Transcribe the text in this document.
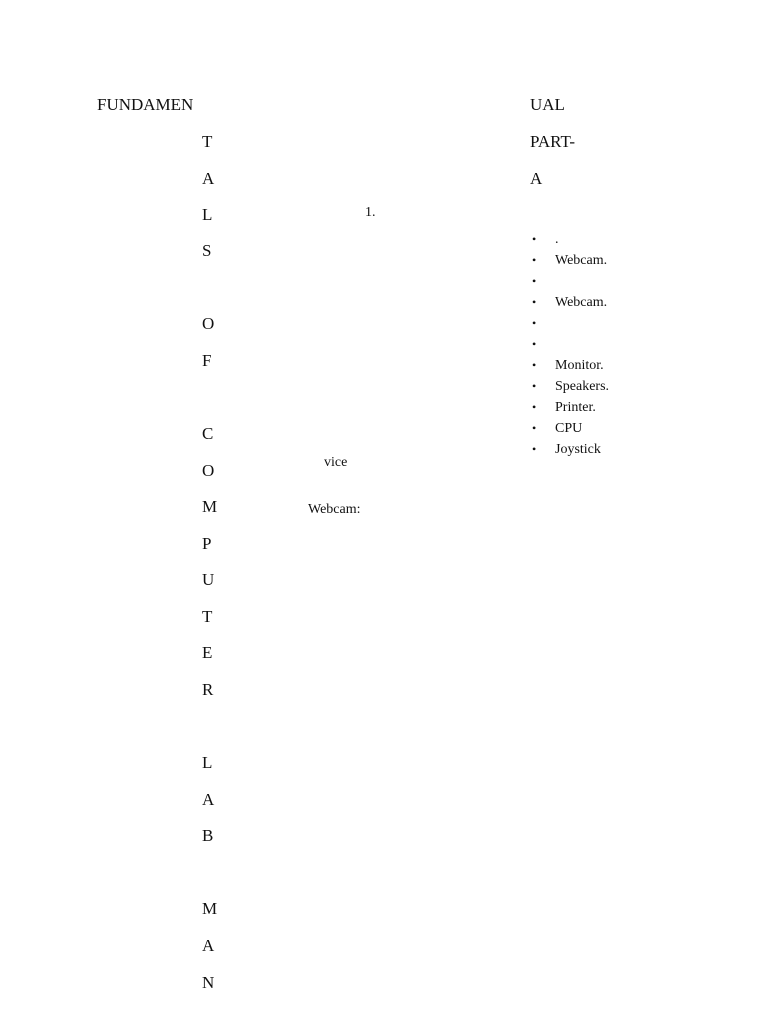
FUNDAMEN
T
A
L
S
O
F
C
O
M
P
U
T
E
R
L
A
B
M
A
N
1.
vice
Webcam:
UAL
PART-
A
• .
• Webcam.
•
• Webcam.
•
•
• Monitor.
• Speakers.
• Printer.
• CPU
• Joystick
